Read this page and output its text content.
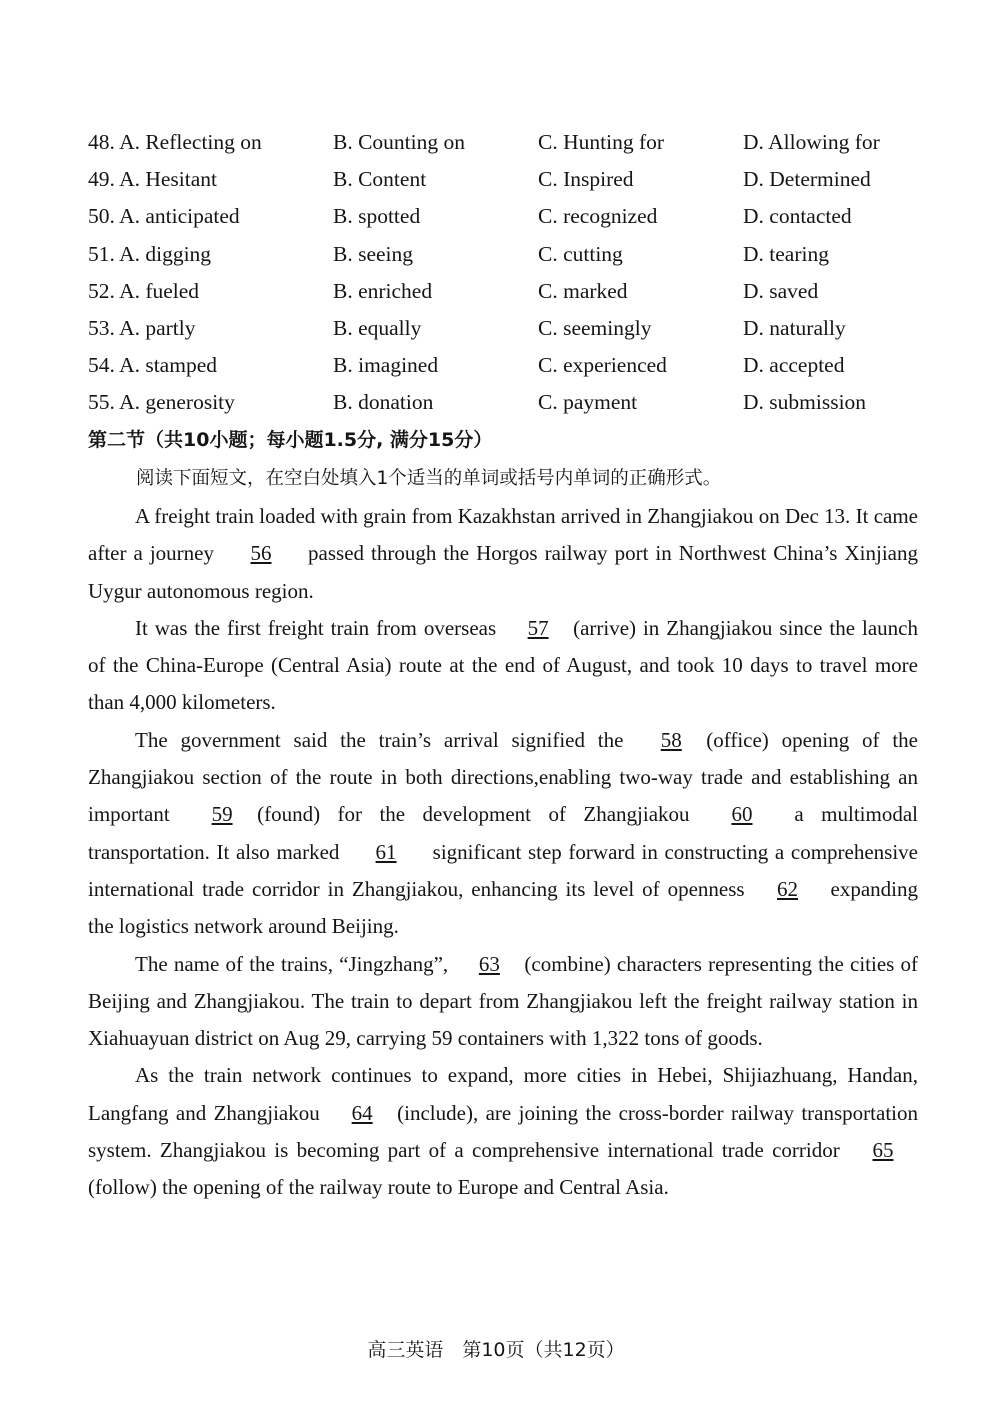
48. A. Reflecting on	B. Counting on	C. Hunting for	D. Allowing for
49. A. Hesitant	B. Content	C. Inspired	D. Determined
50. A. anticipated	B. spotted	C. recognized	D. contacted
51. A. digging	B. seeing	C. cutting	D. tearing
52. A. fueled	B. enriched	C. marked	D. saved
53. A. partly	B. equally	C. seemingly	D. naturally
54. A. stamped	B. imagined	C. experienced	D. accepted
55. A. generosity	B. donation	C. payment	D. submission
第二节（共10小题；每小题1.5分, 满分15分）
阅读下面短文，在空白处填入1个适当的单词或括号内单词的正确形式。

A freight train loaded with grain from Kazakhstan arrived in Zhangjiakou on Dec 13. It came after a journey 56 passed through the Horgos railway port in Northwest China’s Xinjiang Uygur autonomous region.

It was the first freight train from overseas 57 (arrive) in Zhangjiakou since the launch of the China-Europe (Central Asia) route at the end of August, and took 10 days to travel more than 4,000 kilometers.

The government said the train’s arrival signified the 58 (office) opening of the Zhangjiakou section of the route in both directions,enabling two-way trade and establishing an important 59 (found) for the development of Zhangjiakou 60 a multimodal transportation. It also marked 61 significant step forward in constructing a comprehensive international trade corridor in Zhangjiakou, enhancing its level of openness 62 expanding the logistics network around Beijing.

The name of the trains, “Jingzhang”, 63 (combine) characters representing the cities of Beijing and Zhangjiakou. The train to depart from Zhangjiakou left the freight railway station in Xiahuayuan district on Aug 29, carrying 59 containers with 1,322 tons of goods.

As the train network continues to expand, more cities in Hebei, Shijiazhuang, Handan, Langfang and Zhangjiakou 64 (include), are joining the cross-border railway transportation system. Zhangjiakou is becoming part of a comprehensive international trade corridor 65(follow) the opening of the railway route to Europe and Central Asia.

高三英语　第10页（共12页）
